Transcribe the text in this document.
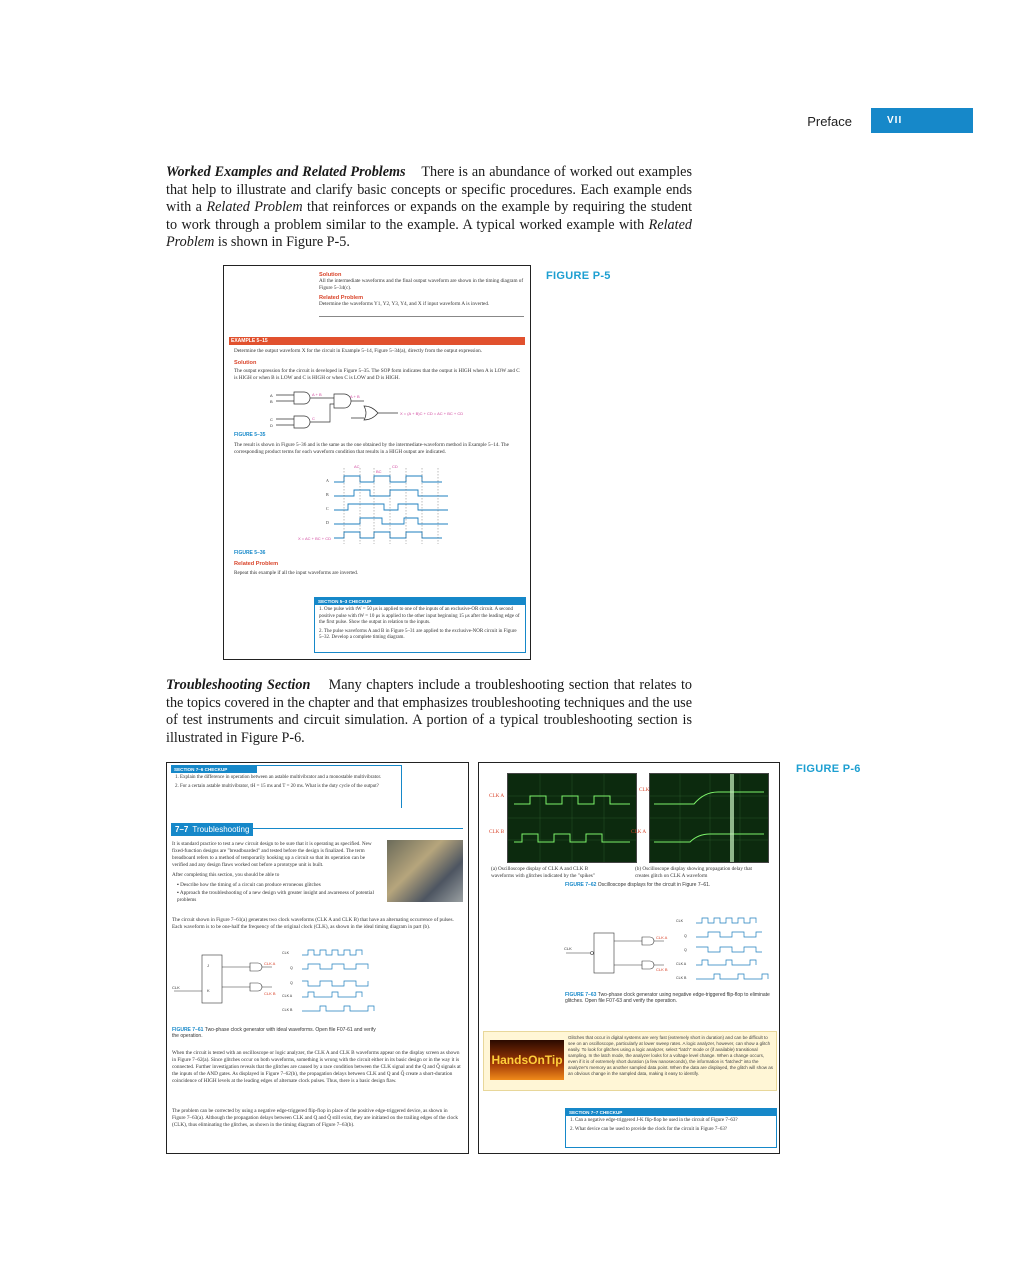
Preface	VII
Worked Examples and Related Problems There is an abundance of worked out examples that help to illustrate and clarify basic concepts or specific procedures. Each example ends with a Related Problem that reinforces or expands on the example by requiring the student to work through a problem similar to the example. A typical worked example with Related Problem is shown in Figure P-5.
FIGURE P-5
Solution
All the intermediate waveforms and the final output waveform are shown in the timing diagram of Figure 5–34(c).
Related Problem
Determine the waveforms Y1, Y2, Y3, Y4, and X if input waveform A is inverted.
EXAMPLE 5–15
Determine the output waveform X for the circuit in Example 5–14, Figure 5–34(a), directly from the output expression.
Solution
The output expression for the circuit is developed in Figure 5–35. The SOP form indicates that the output is HIGH when A is LOW and C is HIGH or when B is LOW and C is HIGH or when C is LOW and D is HIGH.
A
B
C
D
A + B	A + B
C
X = (A + B)C + CD = AC + BC + CD
FIGURE 5–35
The result is shown in Figure 5–36 and is the same as the one obtained by the intermediate-waveform method in Example 5–14. The corresponding product terms for each waveform condition that results in a HIGH output are indicated.
A
B
C
D
X = AC + BC + CD
AC	CD
BC
FIGURE 5–36
Related Problem
Repeat this example if all the input waveforms are inverted.
SECTION 5–3 CHECKUP
1. One pulse with tW = 50 μs is applied to one of the inputs of an exclusive-OR circuit. A second positive pulse with tW = 10 μs is applied to the other input beginning 15 μs after the leading edge of the first pulse. Show the output in relation to the inputs.
2. The pulse waveforms A and B in Figure 5–31 are applied to the exclusive-NOR circuit in Figure 5–32. Develop a complete timing diagram.
Troubleshooting Section Many chapters include a troubleshooting section that relates to the topics covered in the chapter and that emphasizes troubleshooting techniques and the use of test instruments and circuit simulation. A portion of a typical troubleshooting section is illustrated in Figure P-6.
FIGURE P-6
SECTION 7–6 CHECKUP
1. Explain the difference in operation between an astable multivibrator and a monostable multivibrator.
2. For a certain astable multivibrator, tH = 15 ms and T = 20 ms. What is the duty cycle of the output?
7–7 Troubleshooting
It is standard practice to test a new circuit design to be sure that it is operating as specified. New fixed-function designs are "breadboarded" and tested before the design is finalized. The term breadboard refers to a method of temporarily hooking up a circuit so that its operation can be verified and any design flaws worked out before a prototype unit is built.
After completing this section, you should be able to
▪ Describe how the timing of a circuit can produce erroneous glitches
▪ Approach the troubleshooting of a new design with greater insight and awareness of potential problems
The circuit shown in Figure 7–61(a) generates two clock waveforms (CLK A and CLK B) that have an alternating occurrence of pulses. Each waveform is to be one-half the frequency of the original clock (CLK), as shown in the ideal timing diagram in part (b).
CLK
J
K
CLK A
CLK B
CLK
Q
Q
CLK A
CLK B
FIGURE 7–61 Two-phase clock generator with ideal waveforms. Open file F07-61 and verify the operation.
When the circuit is tested with an oscilloscope or logic analyzer, the CLK A and CLK B waveforms appear on the display screen as shown in Figure 7–62(a). Since glitches occur on both waveforms, something is wrong with the circuit either in its basic design or in the way it is connected. Further investigation reveals that the glitches are caused by a race condition between the CLK signal and the Q and Q̄ signals at the inputs of the AND gates. As displayed in Figure 7–62(b), the propagation delays between CLK and Q and Q̄ create a short-duration coincidence of HIGH levels at the leading edges of alternate clock pulses. Thus, there is a basic design flaw.
The problem can be corrected by using a negative edge-triggered flip-flop in place of the positive edge-triggered device, as shown in Figure 7–63(a). Although the propagation delays between CLK and Q and Q̄ still exist, they are initiated on the trailing edges of the clock (CLK), thus eliminating the glitches, as shown in the timing diagram of Figure 7–63(b).
CLK A
CLK B
CLK
CLK A
(a) Oscilloscope display of CLK A and CLK B waveforms with glitches indicated by the "spikes"
(b) Oscilloscope display showing propagation delay that creates glitch on CLK A waveform
FIGURE 7–62 Oscilloscope displays for the circuit in Figure 7–61.
CLK
CLK A
CLK B
CLK
Q
Q
CLK A
CLK B
FIGURE 7–63 Two-phase clock generator using negative edge-triggered flip-flop to eliminate glitches. Open file F07-63 and verify the operation.
HandsOnTip
Glitches that occur in digital systems are very fast (extremely short in duration) and can be difficult to see on an oscilloscope, particularly at lower sweep rates. A logic analyzer, however, can show a glitch easily. To look for glitches using a logic analyzer, select "latch" mode or (if available) transitional sampling. In the latch mode, the analyzer looks for a voltage level change. When a change occurs, even if it is of extremely short duration (a few nanoseconds), the information is "latched" into the analyzer's memory as another sampled data point. When the data are displayed, the glitch will show as an obvious change in the sampled data, making it easy to identify.
SECTION 7–7 CHECKUP
1. Can a negative edge-triggered J-K flip-flop be used in the circuit of Figure 7–63?
2. What device can be used to provide the clock for the circuit in Figure 7–63?
